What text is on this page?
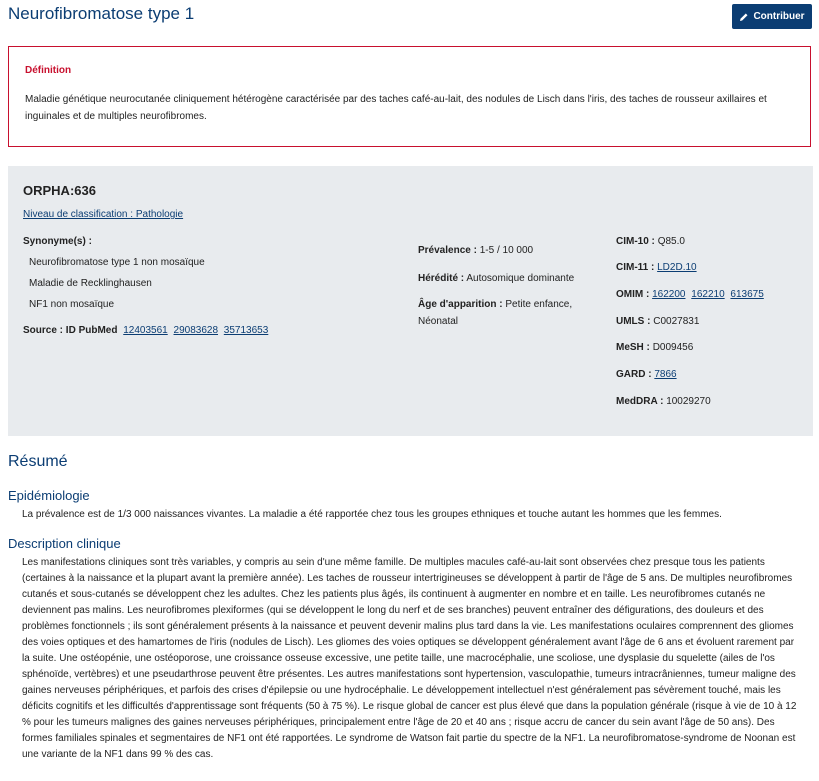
Neurofibromatose type 1	Contribuer
Définition
Maladie génétique neurocutanée cliniquement hétérogène caractérisée par des taches café-au-lait, des nodules de Lisch dans l'iris, des taches de rousseur axillaires et inguinales et de multiples neurofibromes.
ORPHA:636
Niveau de classification : Pathologie
Synonyme(s) :
Neurofibromatose type 1 non mosaïque
Maladie de Recklinghausen
NF1 non mosaïque
Source : ID PubMed 12403561 29083628 35713653
Prévalence : 1-5 / 10 000
Hérédité : Autosomique dominante
Âge d'apparition : Petite enfance, Néonatal
CIM-10 : Q85.0
CIM-11 : LD2D.10
OMIM : 162200 162210 613675
UMLS : C0027831
MeSH : D009456
GARD : 7866
MedDRA : 10029270
Résumé
Epidémiologie
La prévalence est de 1/3 000 naissances vivantes. La maladie a été rapportée chez tous les groupes ethniques et touche autant les hommes que les femmes.
Description clinique
Les manifestations cliniques sont très variables, y compris au sein d'une même famille. De multiples macules café-au-lait sont observées chez presque tous les patients (certaines à la naissance et la plupart avant la première année). Les taches de rousseur intertrigineuses se développent à partir de l'âge de 5 ans. De multiples neurofibromes cutanés et sous-cutanés se développent chez les adultes. Chez les patients plus âgés, ils continuent à augmenter en nombre et en taille. Les neurofibromes cutanés ne deviennent pas malins. Les neurofibromes plexiformes (qui se développent le long du nerf et de ses branches) peuvent entraîner des défigurations, des douleurs et des problèmes fonctionnels ; ils sont généralement présents à la naissance et peuvent devenir malins plus tard dans la vie. Les manifestations oculaires comprennent des gliomes des voies optiques et des hamartomes de l'iris (nodules de Lisch). Les gliomes des voies optiques se développent généralement avant l'âge de 6 ans et évoluent rarement par la suite. Une ostéopénie, une ostéoporose, une croissance osseuse excessive, une petite taille, une macrocéphalie, une scoliose, une dysplasie du squelette (ailes de l'os sphénoïde, vertèbres) et une pseudarthrose peuvent être présentes. Les autres manifestations sont hypertension, vasculopathie, tumeurs intracrâniennes, tumeur maligne des gaines nerveuses périphériques, et parfois des crises d'épilepsie ou une hydrocéphalie. Le développement intellectuel n'est généralement pas sévèrement touché, mais les déficits cognitifs et les difficultés d'apprentissage sont fréquents (50 à 75 %). Le risque global de cancer est plus élevé que dans la population générale (risque à vie de 10 à 12 % pour les tumeurs malignes des gaines nerveuses périphériques, principalement entre l'âge de 20 et 40 ans ; risque accru de cancer du sein avant l'âge de 50 ans). Des formes familiales spinales et segmentaires de NF1 ont été rapportées. Le syndrome de Watson fait partie du spectre de la NF1. La neurofibromatose-syndrome de Noonan est une variante de la NF1 dans 99 % des cas.
